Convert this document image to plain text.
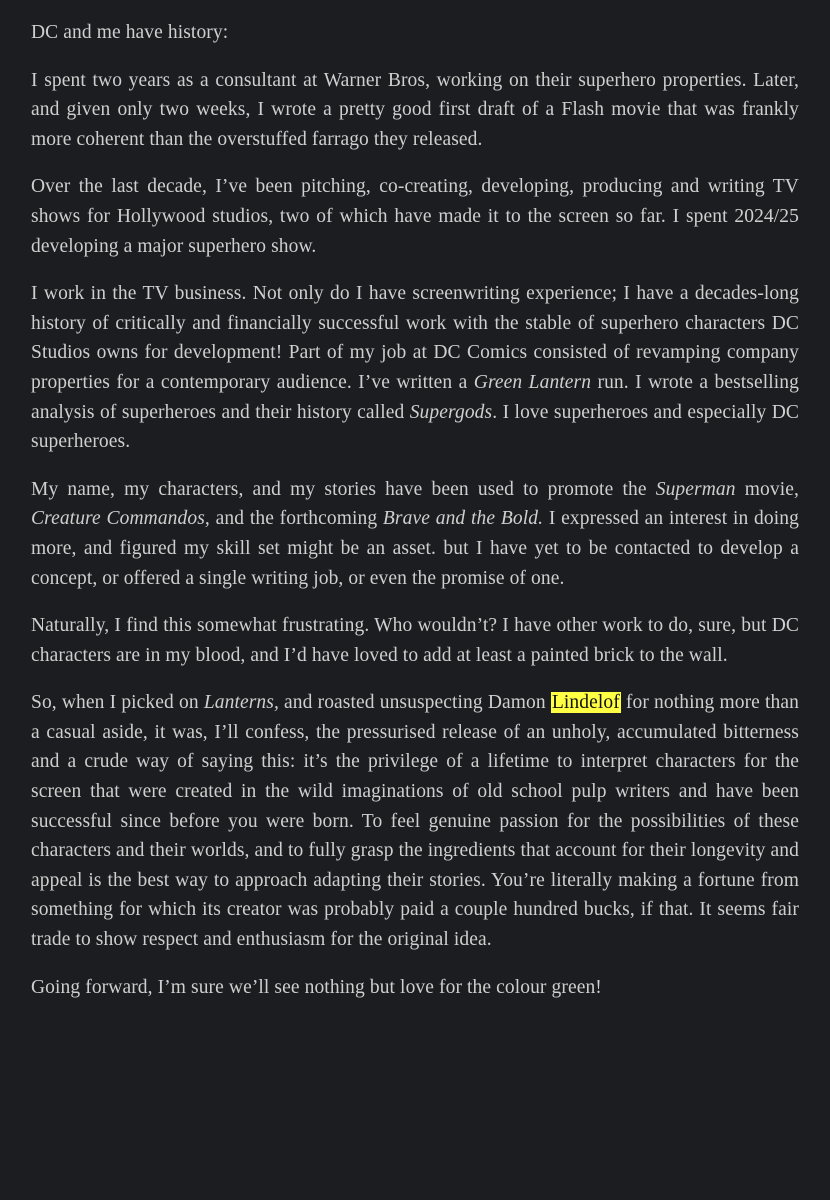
DC and me have history:

I spent two years as a consultant at Warner Bros, working on their superhero properties. Later, and given only two weeks, I wrote a pretty good first draft of a Flash movie that was frankly more coherent than the overstuffed farrago they released.

Over the last decade, I’ve been pitching, co-creating, developing, producing and writing TV shows for Hollywood studios, two of which have made it to the screen so far. I spent 2024/25 developing a major superhero show.

I work in the TV business. Not only do I have screenwriting experience; I have a decades-long history of critically and financially successful work with the stable of superhero characters DC Studios owns for development! Part of my job at DC Comics consisted of revamping company properties for a contemporary audience. I’ve written a Green Lantern run. I wrote a bestselling analysis of superheroes and their history called Supergods. I love superheroes and especially DC superheroes.

My name, my characters, and my stories have been used to promote the Superman movie, Creature Commandos, and the forthcoming Brave and the Bold. I expressed an interest in doing more, and figured my skill set might be an asset. but I have yet to be contacted to develop a concept, or offered a single writing job, or even the promise of one.

Naturally, I find this somewhat frustrating. Who wouldn’t? I have other work to do, sure, but DC characters are in my blood, and I’d have loved to add at least a painted brick to the wall.

So, when I picked on Lanterns, and roasted unsuspecting Damon Lindelof for nothing more than a casual aside, it was, I’ll confess, the pressurised release of an unholy, accumulated bitterness and a crude way of saying this: it’s the privilege of a lifetime to interpret characters for the screen that were created in the wild imaginations of old school pulp writers and have been successful since before you were born. To feel genuine passion for the possibilities of these characters and their worlds, and to fully grasp the ingredients that account for their longevity and appeal is the best way to approach adapting their stories. You’re literally making a fortune from something for which its creator was probably paid a couple hundred bucks, if that. It seems fair trade to show respect and enthusiasm for the original idea.

Going forward, I’m sure we’ll see nothing but love for the colour green!
